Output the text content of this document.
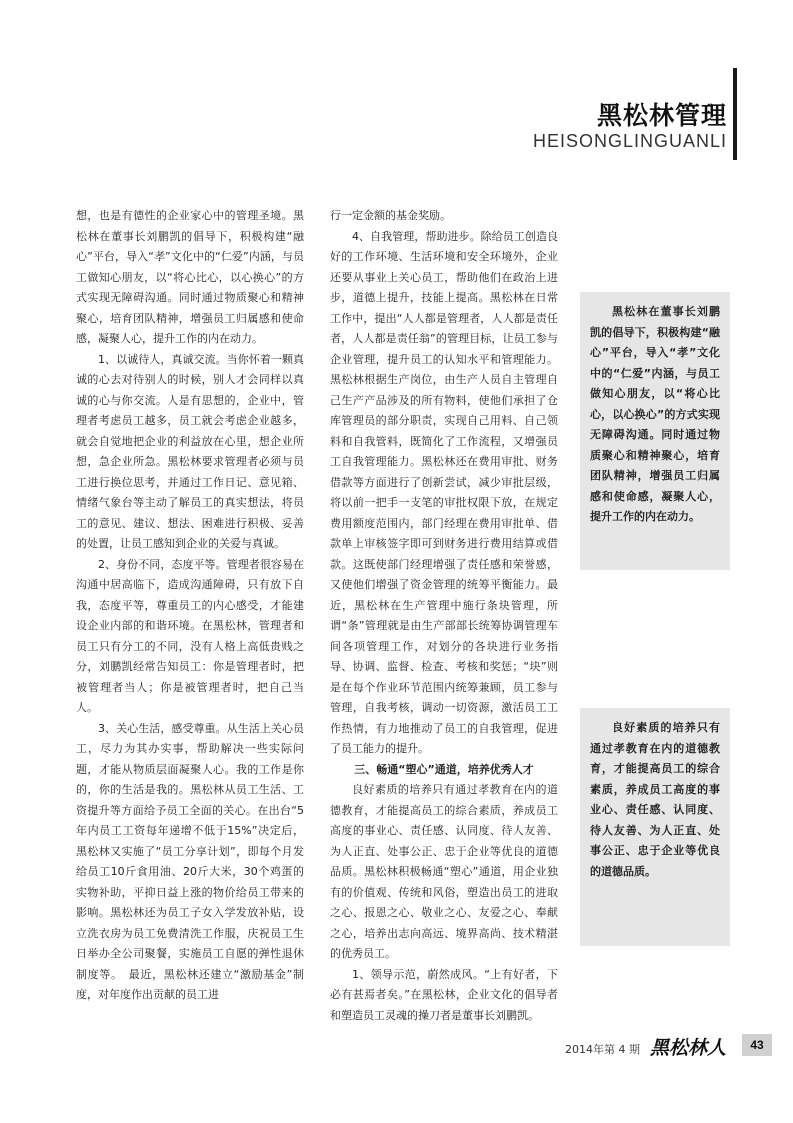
黑松林管理
HEISONGLINGUANLI

想，也是有德性的企业家心中的管理圣境。黑松林在董事长刘鹏凯的倡导下，积极构建“融心”平台，导入“孝”文化中的“仁爱”内涵，与员工做知心朋友，以“将心比心，以心换心”的方式实现无障碍沟通。同时通过物质聚心和精神聚心，培育团队精神，增强员工归属感和使命感，凝聚人心，提升工作的内在动力。

1、以诚待人，真诚交流。当你怀着一颗真诚的心去对待别人的时候，别人才会同样以真诚的心与你交流。人是有思想的，企业中，管理者考虑员工越多，员工就会考虑企业越多，就会自觉地把企业的利益放在心里，想企业所想，急企业所急。黑松林要求管理者必须与员工进行换位思考，并通过工作日记、意见箱、情绪气象台等主动了解员工的真实想法，将员工的意见、建议、想法、困难进行积极、妥善的处置，让员工感知到企业的关爱与真诚。

2、身份不同，态度平等。管理者很容易在沟通中居高临下，造成沟通障碍，只有放下自我，态度平等，尊重员工的内心感受，才能建设企业内部的和谐环境。在黑松林，管理者和员工只有分工的不同，没有人格上高低贵贱之分，刘鹏凯经常告知员工：你是管理者时，把被管理者当人；你是被管理者时，把自己当人。

3、关心生活，感受尊重。从生活上关心员工，尽力为其办实事，帮助解决一些实际问题，才能从物质层面凝聚人心。我的工作是你的，你的生活是我的。黑松林从员工生活、工资提升等方面给予员工全面的关心。在出台“5年内员工工资每年递增不低于15%”决定后，黑松林又实施了“员工分享计划”，即每个月发给员工10斤食用油、20斤大米，30个鸡蛋的实物补助，平抑日益上涨的物价给员工带来的影响。黑松林还为员工子女入学发放补贴，设立洗衣房为员工免费清洗工作服，庆祝员工生日举办全公司聚餐，实施员工自愿的弹性退休制度等。　最近，黑松林还建立“激励基金”制度，对年度作出贡献的员工进

行一定金额的基金奖励。

4、自我管理，帮助进步。除给员工创造良好的工作环境、生活环境和安全环境外，企业还要从事业上关心员工，帮助他们在政治上进步，道德上提升，技能上提高。黑松林在日常工作中，提出“人人都是管理者，人人都是责任者，人人都是责任翁”的管理目标，让员工参与企业管理，提升员工的认知水平和管理能力。黑松林根据生产岗位，由生产人员自主管理自己生产产品涉及的所有物料，使他们承担了仓库管理员的部分职责，实现自己用料、自己领料和自我管料，既简化了工作流程，又增强员工自我管理能力。黑松林还在费用审批、财务借款等方面进行了创新尝试，减少审批层级，将以前一把手一支笔的审批权限下放，在规定费用额度范围内，部门经理在费用审批单、借款单上审核签字即可到财务进行费用结算或借款。这既使部门经理增强了责任感和荣誉感，又使他们增强了资金管理的统筹平衡能力。最近，黑松林在生产管理中施行条块管理，所谓“条”管理就是由生产部部长统筹协调管理车间各项管理工作，对划分的各块进行业务指导、协调、监督、检查、考核和奖惩；“块”则是在每个作业环节范围内统筹兼顾，员工参与管理，自我考核，调动一切资源，激活员工工作热情，有力地推动了员工的自我管理，促进了员工能力的提升。

三、畅通“塑心”通道，培养优秀人才

良好素质的培养只有通过孝教育在内的道德教育，才能提高员工的综合素质，养成员工高度的事业心、责任感、认同度、待人友善、为人正直、处事公正、忠于企业等优良的道德品质。黑松林积极畅通“塑心”通道，用企业独有的价值观、传统和风俗，塑造出员工的进取之心、报恩之心、敬业之心、友爱之心、奉献之心，培养出志向高远、境界高尚、技术精湛的优秀员工。

1、领导示范，蔚然成风。“上有好者，下必有甚焉者矣。”在黑松林，企业文化的倡导者和塑造员工灵魂的操刀者是董事长刘鹏凯。

黑松林在董事长刘鹏凯的倡导下，积极构建“融心”平台，导入“孝”文化中的“仁爱”内涵，与员工做知心朋友，以“将心比心，以心换心”的方式实现无障碍沟通。同时通过物质聚心和精神聚心，培育团队精神，增强员工归属感和使命感，凝聚人心，提升工作的内在动力。

良好素质的培养只有通过孝教育在内的道德教育，才能提高员工的综合素质，养成员工高度的事业心、责任感、认同度、待人友善、为人正直、处事公正、忠于企业等优良的道德品质。

2014年第 4 期 黑松林人	43
